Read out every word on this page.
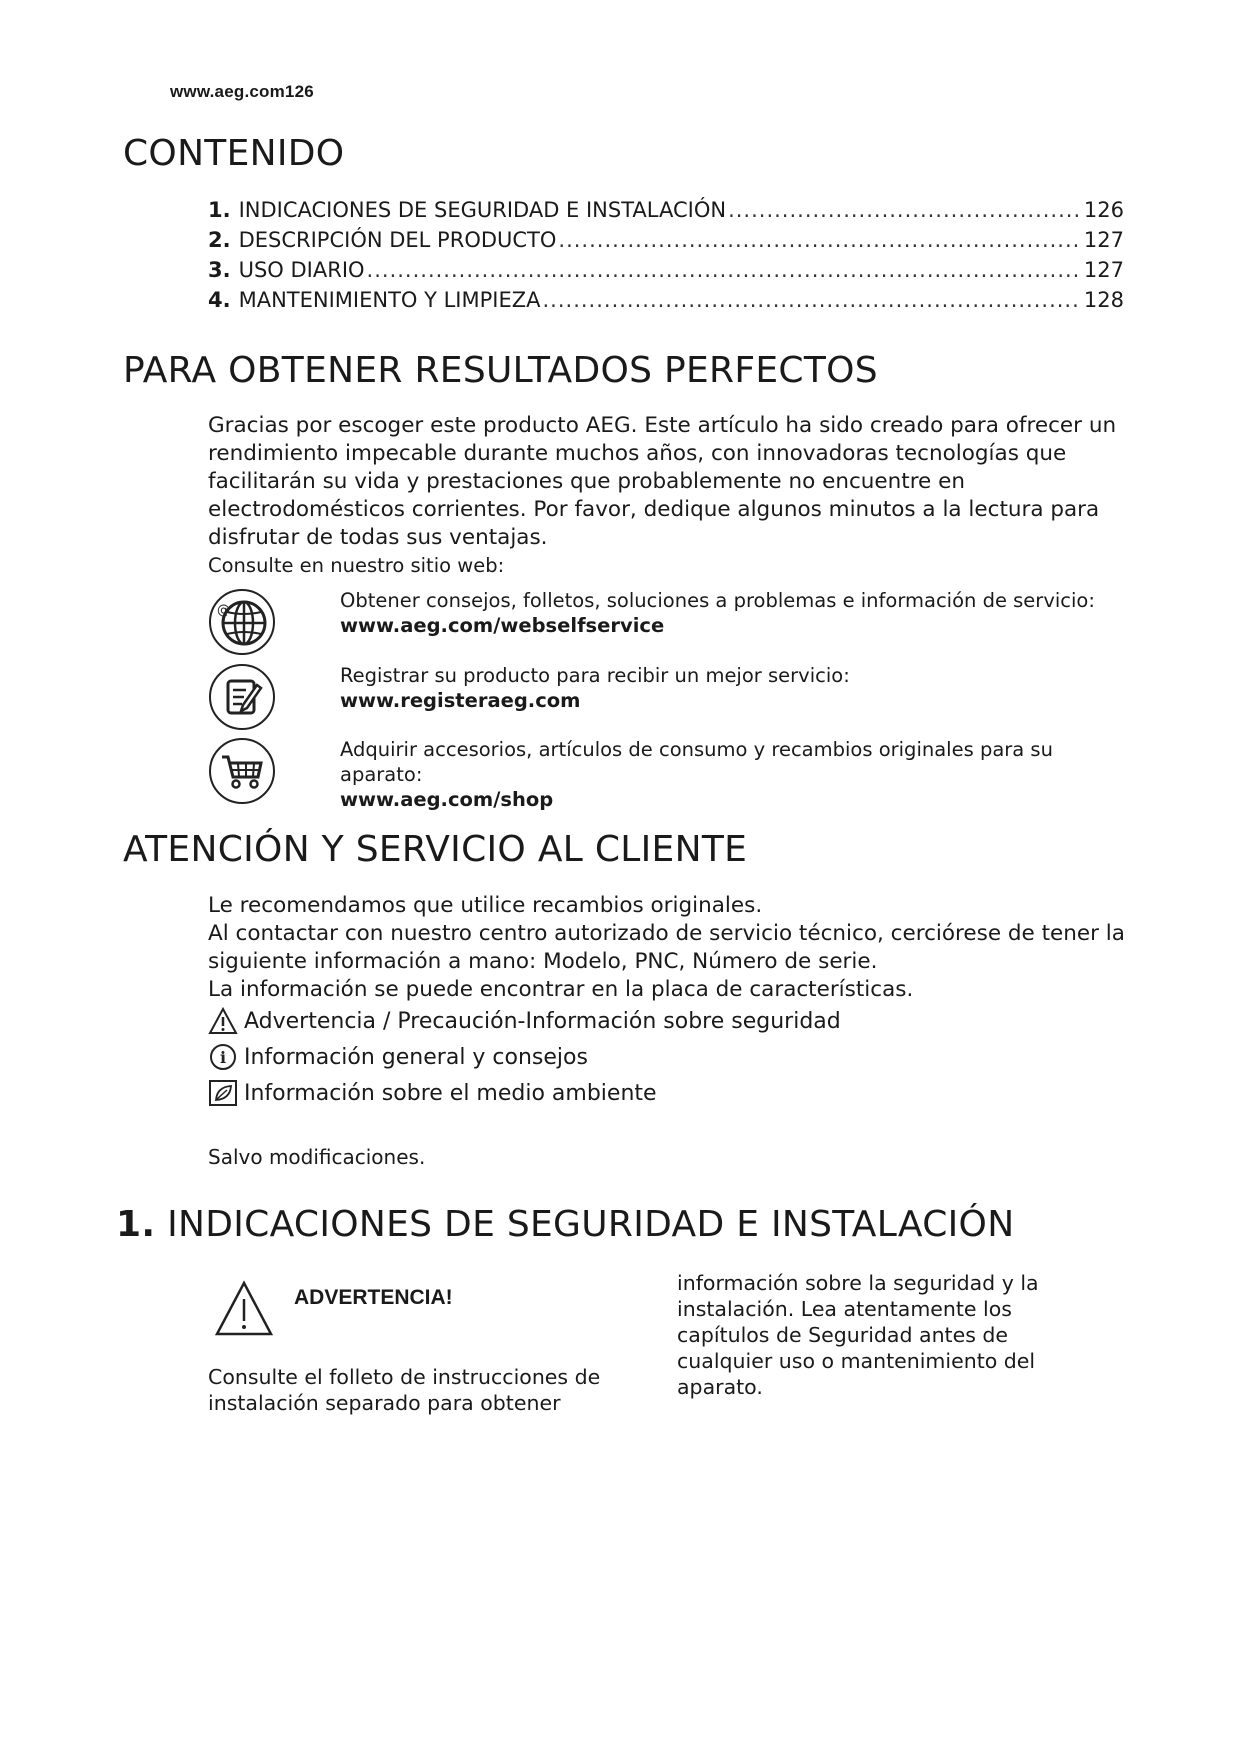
www.aeg.com126
CONTENIDO
1. INDICACIONES DE SEGURIDAD E INSTALACIÓN .....	126
2. DESCRIPCIÓN DEL PRODUCTO .....	127
3. USO DIARIO .....	127
4. MANTENIMIENTO Y LIMPIEZA .....	128
PARA OBTENER RESULTADOS PERFECTOS

Gracias por escoger este producto AEG. Este artículo ha sido creado para ofrecer un rendimiento impecable durante muchos años, con innovadoras tecnologías que facilitarán su vida y prestaciones que probablemente no encuentre en electrodomésticos corrientes. Por favor, dedique algunos minutos a la lectura para disfrutar de todas sus ventajas.

Consulte en nuestro sitio web:

@	Obtener consejos, folletos, soluciones a problemas e información de servicio:
www.aeg.com/webselfservice
Registrar su producto para recibir un mejor servicio:
www.registeraeg.com
Adquirir accesorios, artículos de consumo y recambios originales para su aparato:
www.aeg.com/shop
ATENCIÓN Y SERVICIO AL CLIENTE

Le recomendamos que utilice recambios originales.
Al contactar con nuestro centro autorizado de servicio técnico, cerciórese de tener la siguiente información a mano: Modelo, PNC, Número de serie.
La información se puede encontrar en la placa de características.

Advertencia / Precaución-Información sobre seguridad
i Información general y consejos
Información sobre el medio ambiente

Salvo modificaciones.

1. INDICACIONES DE SEGURIDAD E INSTALACIÓN
ADVERTENCIA!

Consulte el folleto de instrucciones de instalación separado para obtener

información sobre la seguridad y la instalación. Lea atentamente los capítulos de Seguridad antes de cualquier uso o mantenimiento del aparato.
